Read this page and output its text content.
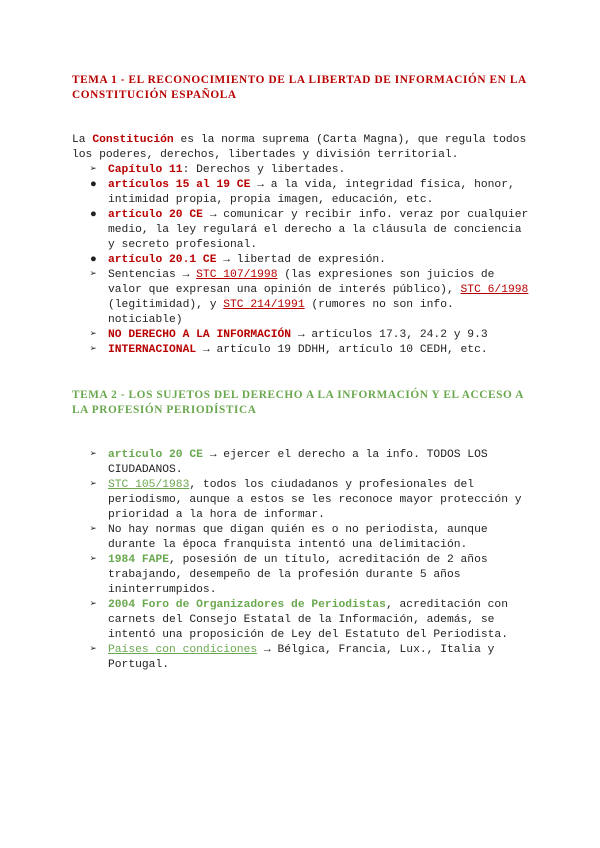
TEMA 1 - EL RECONOCIMIENTO DE LA LIBERTAD DE INFORMACIÓN EN LA CONSTITUCIÓN ESPAÑOLA

La Constitución es la norma suprema (Carta Magna), que regula todos los poderes, derechos, libertades y división territorial.

➢ Capítulo 11: Derechos y libertades.
● artículos 15 al 19 CE → a la vida, integridad física, honor, intimidad propia, propia imagen, educación, etc.
● artículo 20 CE → comunicar y recibir info. veraz por cualquier medio, la ley regulará el derecho a la cláusula de conciencia y secreto profesional.
● artículo 20.1 CE → libertad de expresión.
➢ Sentencias → STC 107/1998 (las expresiones son juicios de valor que expresan una opinión de interés público), STC 6/1998 (legitimidad), y STC 214/1991 (rumores no son info. noticiable)
➢ NO DERECHO A LA INFORMACIÓN → artículos 17.3, 24.2 y 9.3
➢ INTERNACIONAL → artículo 19 DDHH, artículo 10 CEDH, etc.
TEMA 2 - LOS SUJETOS DEL DERECHO A LA INFORMACIÓN Y EL ACCESO A LA PROFESIÓN PERIODÍSTICA
➢ artículo 20 CE → ejercer el derecho a la info. TODOS LOS CIUDADANOS.
➢ STC 105/1983, todos los ciudadanos y profesionales del periodismo, aunque a estos se les reconoce mayor protección y prioridad a la hora de informar.
➢ No hay normas que digan quién es o no periodista, aunque durante la época franquista intentó una delimitación.
➢ 1984 FAPE, posesión de un título, acreditación de 2 años trabajando, desempeño de la profesión durante 5 años ininterrumpidos.
➢ 2004 Foro de Organizadores de Periodistas, acreditación con carnets del Consejo Estatal de la Información, además, se intentó una proposición de Ley del Estatuto del Periodista.
➢ Países con condiciones → Bélgica, Francia, Lux., Italia y Portugal.
